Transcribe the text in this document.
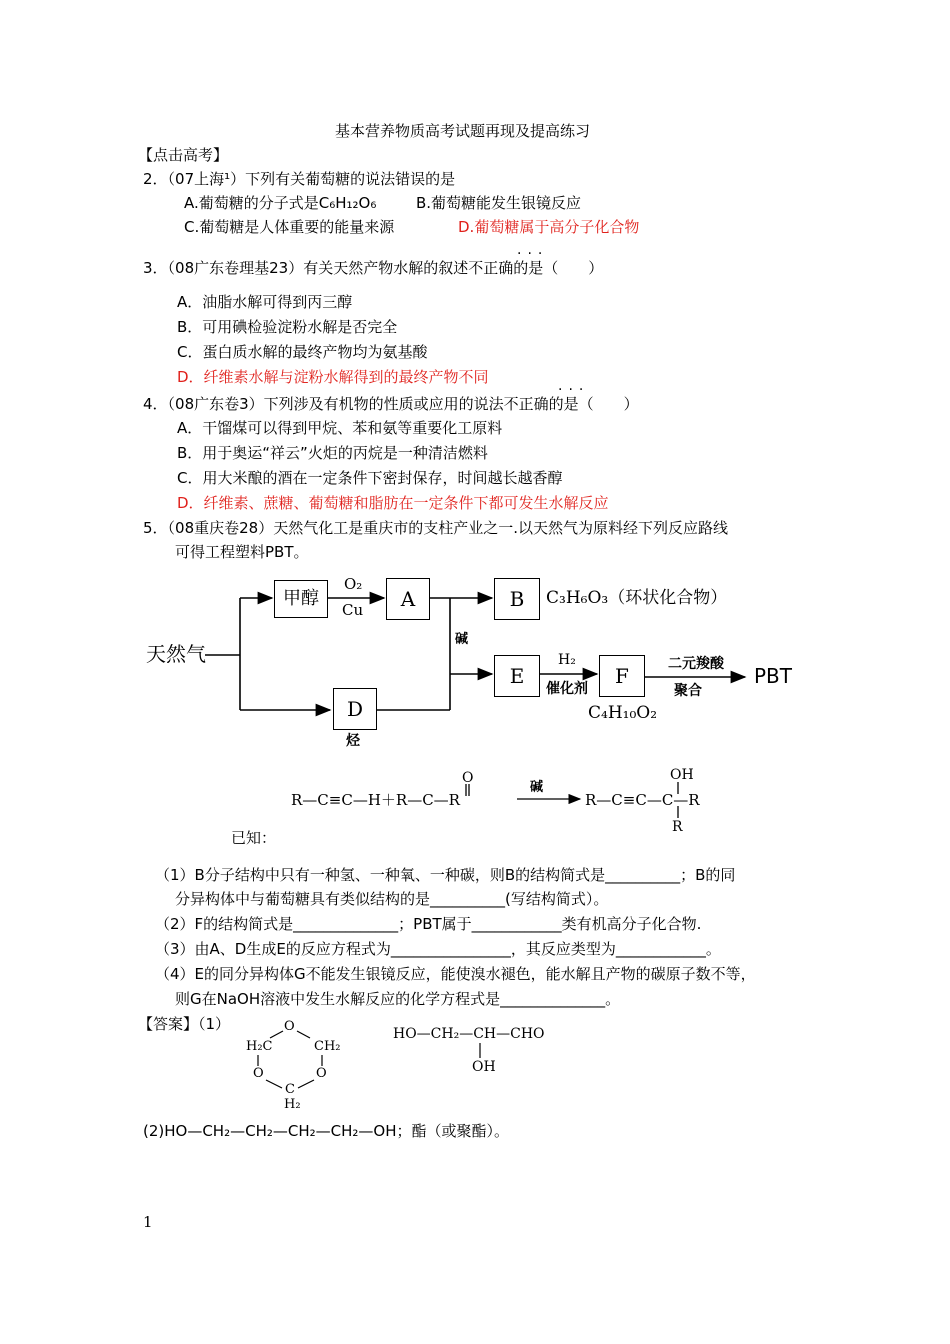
基本营养物质高考试题再现及提高练习
【点击高考】
2．（07上海¹）下列有关葡萄糖的说法错误的是
A.葡萄糖的分子式是C₆H₁₂O₆	B.葡萄糖能发生银镜反应
C.葡萄糖是人体重要的能量来源	D.葡萄糖属于高分子化合物
···
3．（08广东卷理基23）有关天然产物水解的叙述不正确的是（　　）
A．油脂水解可得到丙三醇
B．可用碘检验淀粉水解是否完全
C．蛋白质水解的最终产物均为氨基酸
D．纤维素水解与淀粉水解得到的最终产物不同
···
4．（08广东卷3）下列涉及有机物的性质或应用的说法不正确的是（　　）
A．干馏煤可以得到甲烷、苯和氨等重要化工原料
B．用于奥运“祥云”火炬的丙烷是一种清洁燃料
C．用大米酿的酒在一定条件下密封保存，时间越长越香醇
D．纤维素、蔗糖、葡萄糖和脂肪在一定条件下都可发生水解反应
5．（08重庆卷28）天然气化工是重庆市的支柱产业之一.以天然气为原料经下列反应路线
可得工程塑料PBT。
天然气
甲醇
O₂
Cu	A	B	C₃H₆O₃（环状化合物）
D
烃
碱
E
H₂
催化剂
F
C₄H₁₀O₂
二元羧酸
聚合
PBT
R—C≡C—H＋R—C—R
O
碱
R—C≡C—C—R
OH
R
已知：
（1）B分子结构中只有一种氢、一种氧、一种碳，则B的结构简式是__________；B的同
分异构体中与葡萄糖具有类似结构的是__________(写结构简式）。
（2）F的结构简式是______________；PBT属于____________类有机高分子化合物.
（3）由A、D生成E的反应方程式为________________，其反应类型为____________。
（4）E的同分异构体G不能发生银镜反应，能使溴水褪色，能水解且产物的碳原子数不等，
则G在NaOH溶液中发生水解反应的化学方程式是______________。
【答案】（1）	O
H₂C	CH₂
O	O
C
H₂
HO—CH₂—CH—CHO
OH
(2)HO—CH₂—CH₂—CH₂—CH₂—OH；酯（或聚酯）。
1
